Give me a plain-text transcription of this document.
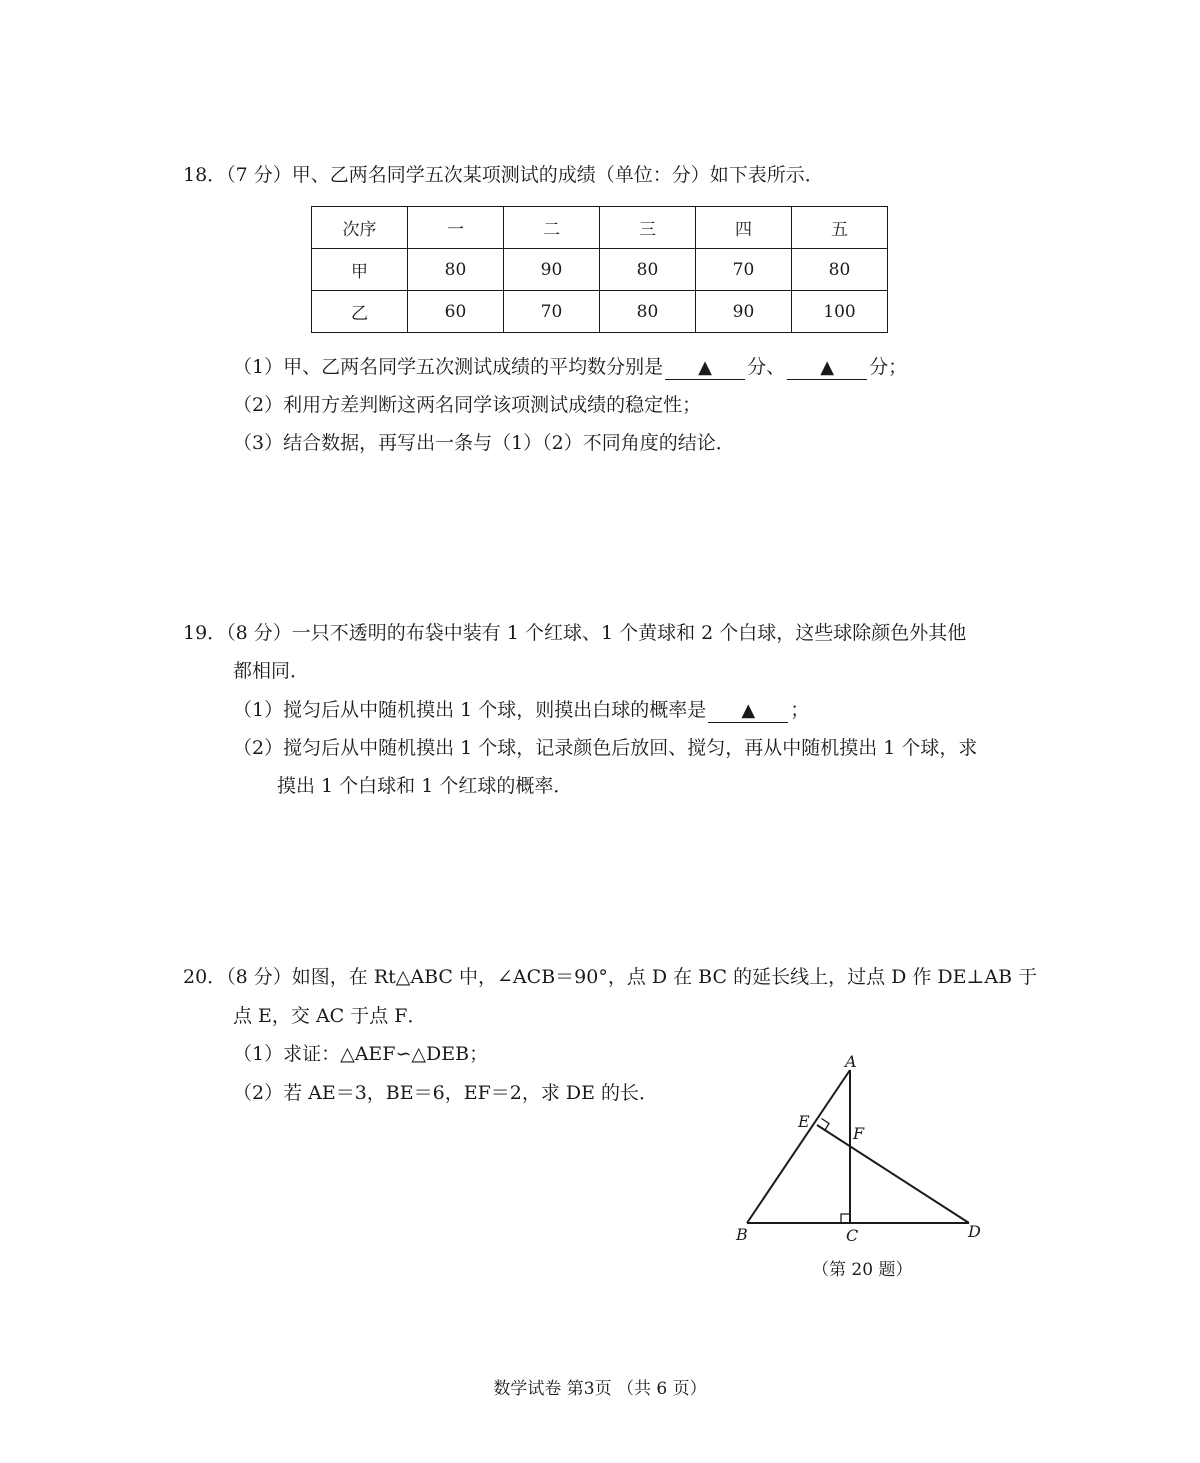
18．（7 分）甲、乙两名同学五次某项测试的成绩（单位：分）如下表所示．
次序	一	二	三	四	五
甲	80	90	80	70	80
乙	60	70	80	90	100
（1）甲、乙两名同学五次测试成绩的平均数分别是 ▲ 分、 ▲ 分；
（2）利用方差判断这两名同学该项测试成绩的稳定性；
（3）结合数据，再写出一条与（1）（2）不同角度的结论．
19．（8 分）一只不透明的布袋中装有 1 个红球、1 个黄球和 2 个白球，这些球除颜色外其他
都相同．
（1）搅匀后从中随机摸出 1 个球，则摸出白球的概率是 ▲ ；
（2）搅匀后从中随机摸出 1 个球，记录颜色后放回、搅匀，再从中随机摸出 1 个球，求
摸出 1 个白球和 1 个红球的概率．
20．（8 分）如图，在 Rt△ABC 中，∠ACB＝90°，点 D 在 BC 的延长线上，过点 D 作 DE⊥AB 于
点 E，交 AC 于点 F．
（1）求证：△AEF∽△DEB；
（2）若 AE＝3，BE＝6，EF＝2，求 DE 的长．
A
B	C	D
E
F
（第 20 题）
数学试卷 第3页 （共 6 页）
